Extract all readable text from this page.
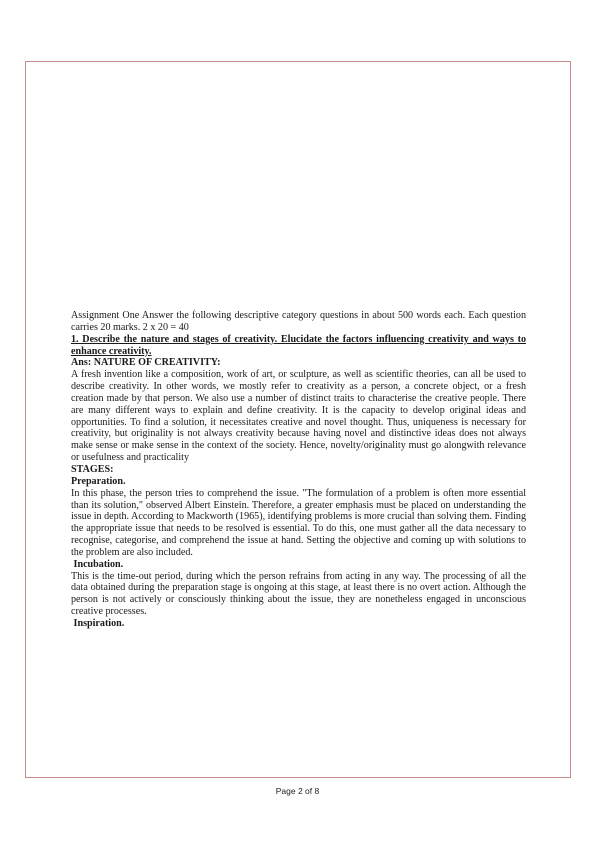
Assignment One Answer the following descriptive category questions in about 500 words each. Each question carries 20 marks. 2 x 20 = 40

1. Describe the nature and stages of creativity. Elucidate the factors influencing creativity and ways to enhance creativity.

Ans: NATURE OF CREATIVITY:

A fresh invention like a composition, work of art, or sculpture, as well as scientific theories, can all be used to describe creativity. In other words, we mostly refer to creativity as a person, a concrete object, or a fresh creation made by that person. We also use a number of distinct traits to characterise the creative people. There are many different ways to explain and define creativity. It is the capacity to develop original ideas and opportunities. To find a solution, it necessitates creative and novel thought. Thus, uniqueness is necessary for creativity, but originality is not always creativity because having novel and distinctive ideas does not always make sense or make sense in the context of the society. Hence, novelty/originality must go alongwith relevance or usefulness and practicality

STAGES:

Preparation.

In this phase, the person tries to comprehend the issue. "The formulation of a problem is often more essential than its solution," observed Albert Einstein. Therefore, a greater emphasis must be placed on understanding the issue in depth. According to Mackworth (1965), identifying problems is more crucial than solving them. Finding the appropriate issue that needs to be resolved is essential. To do this, one must gather all the data necessary to recognise, categorise, and comprehend the issue at hand. Setting the objective and coming up with solutions to the problem are also included.

Incubation.

This is the time-out period, during which the person refrains from acting in any way. The processing of all the data obtained during the preparation stage is ongoing at this stage, at least there is no overt action. Although the person is not actively or consciously thinking about the issue, they are nonetheless engaged in unconscious creative processes.

Inspiration.

Page 2 of 8
